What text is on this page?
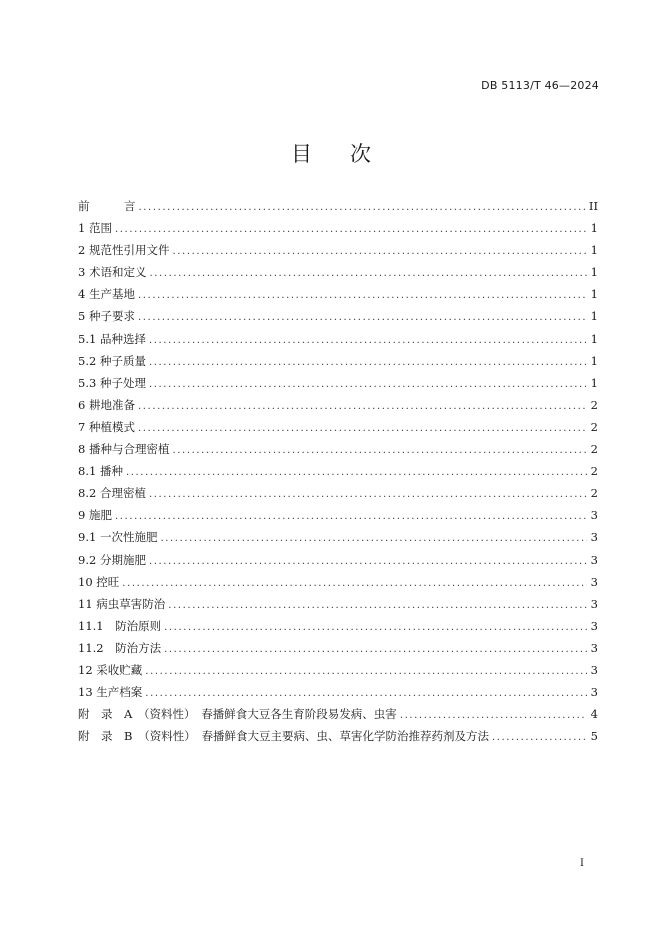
DB 5113/T 46—2024
目 次
前　　　言 .....	II
1 范围 .....	1
2 规范性引用文件 .....	1
3 术语和定义 .....	1
4 生产基地 .....	1
5 种子要求 .....	1
5.1 品种选择 .....	1
5.2 种子质量 .....	1
5.3 种子处理 .....	1
6 耕地准备 .....	2
7 种植模式 .....	2
8 播种与合理密植 .....	2
8.1 播种 .....	2
8.2 合理密植 .....	2
9 施肥 .....	3
9.1 一次性施肥 .....	3
9.2 分期施肥 .....	3
10 控旺 .....	3
11 病虫草害防治 .....	3
11.1　防治原则 .....	3
11.2　防治方法 .....	3
12 采收贮藏 .....	3
13 生产档案 .....	3
附　录　A　（资料性）　春播鲜食大豆各生育阶段易发病、虫害 .....	4
附　录　B　（资料性）　春播鲜食大豆主要病、虫、草害化学防治推荐药剂及方法 .....	5
I
